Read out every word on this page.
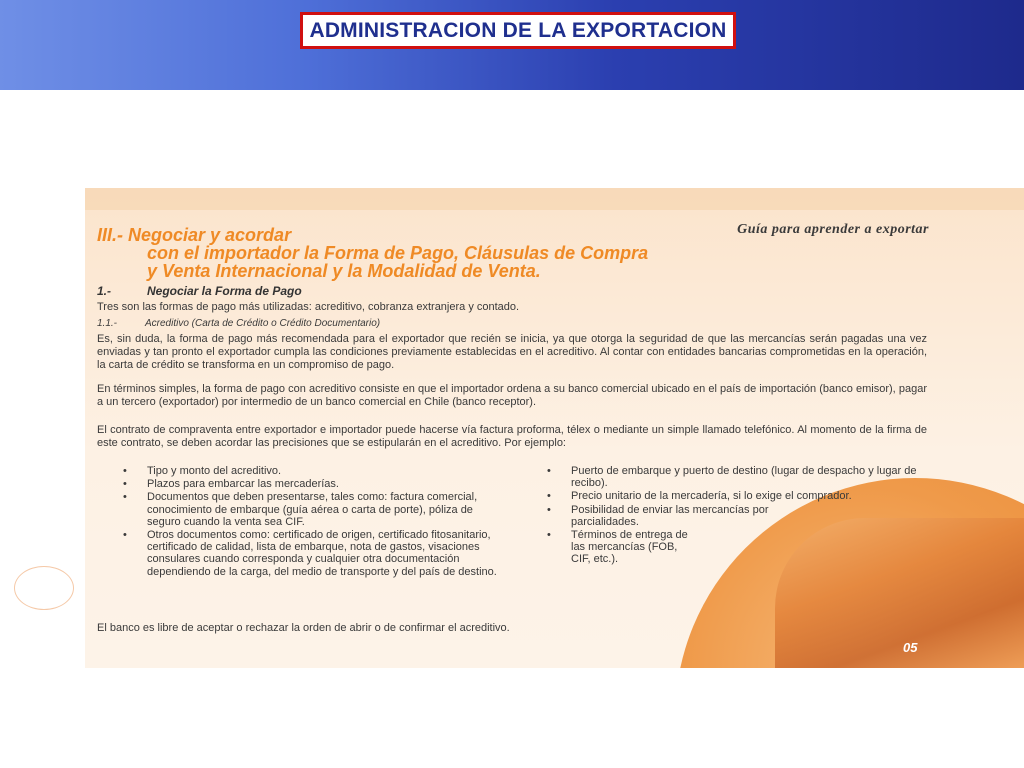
ADMINISTRACION DE LA EXPORTACION
Guía para aprender a exportar
III.- Negociar y acordar
con el importador la Forma de Pago, Cláusulas de Compra
y Venta Internacional y la Modalidad de Venta.
1.-	Negociar la Forma de Pago
Tres son las formas de pago más utilizadas: acreditivo, cobranza extranjera y contado.
1.1.-	Acreditivo (Carta de Crédito o Crédito Documentario)
Es, sin duda, la forma de pago más recomendada para el exportador que recién se inicia, ya que otorga la seguridad de que las mercancías serán pagadas una vez enviadas y tan pronto el exportador cumpla las condiciones previamente establecidas en el acreditivo. Al contar con entidades bancarias comprometidas en la operación, la carta de crédito se transforma en un compromiso de pago.
En términos simples, la forma de pago con acreditivo consiste en que el importador ordena a su banco comercial ubicado en el país de importación (banco emisor), pagar a un tercero (exportador) por intermedio de un banco comercial en Chile (banco receptor).
El contrato de compraventa entre exportador e importador puede hacerse vía factura proforma, télex o mediante un simple llamado telefónico. Al momento de la firma de este contrato, se deben acordar las precisiones que se estipularán en el acreditivo. Por ejemplo:
• Tipo y monto del acreditivo.
• Plazos para embarcar las mercaderías.
• Documentos que deben presentarse, tales como: factura comercial, conocimiento de embarque (guía aérea o carta de porte), póliza de seguro cuando la venta sea CIF.
• Otros documentos como: certificado de origen, certificado fitosanitario, certificado de calidad, lista de embarque, nota de gastos, visaciones consulares cuando corresponda y cualquier otra documentación dependiendo de la carga, del medio de transporte y del país de destino.
• Puerto de embarque y puerto de destino (lugar de despacho y lugar de recibo).
• Precio unitario de la mercadería, si lo exige el comprador.
• Posibilidad de enviar las mercancías por parcialidades.
• Términos de entrega de las mercancías (FOB, CIF, etc.).
El banco es libre de aceptar o rechazar la orden de abrir o de confirmar el acreditivo.
05
